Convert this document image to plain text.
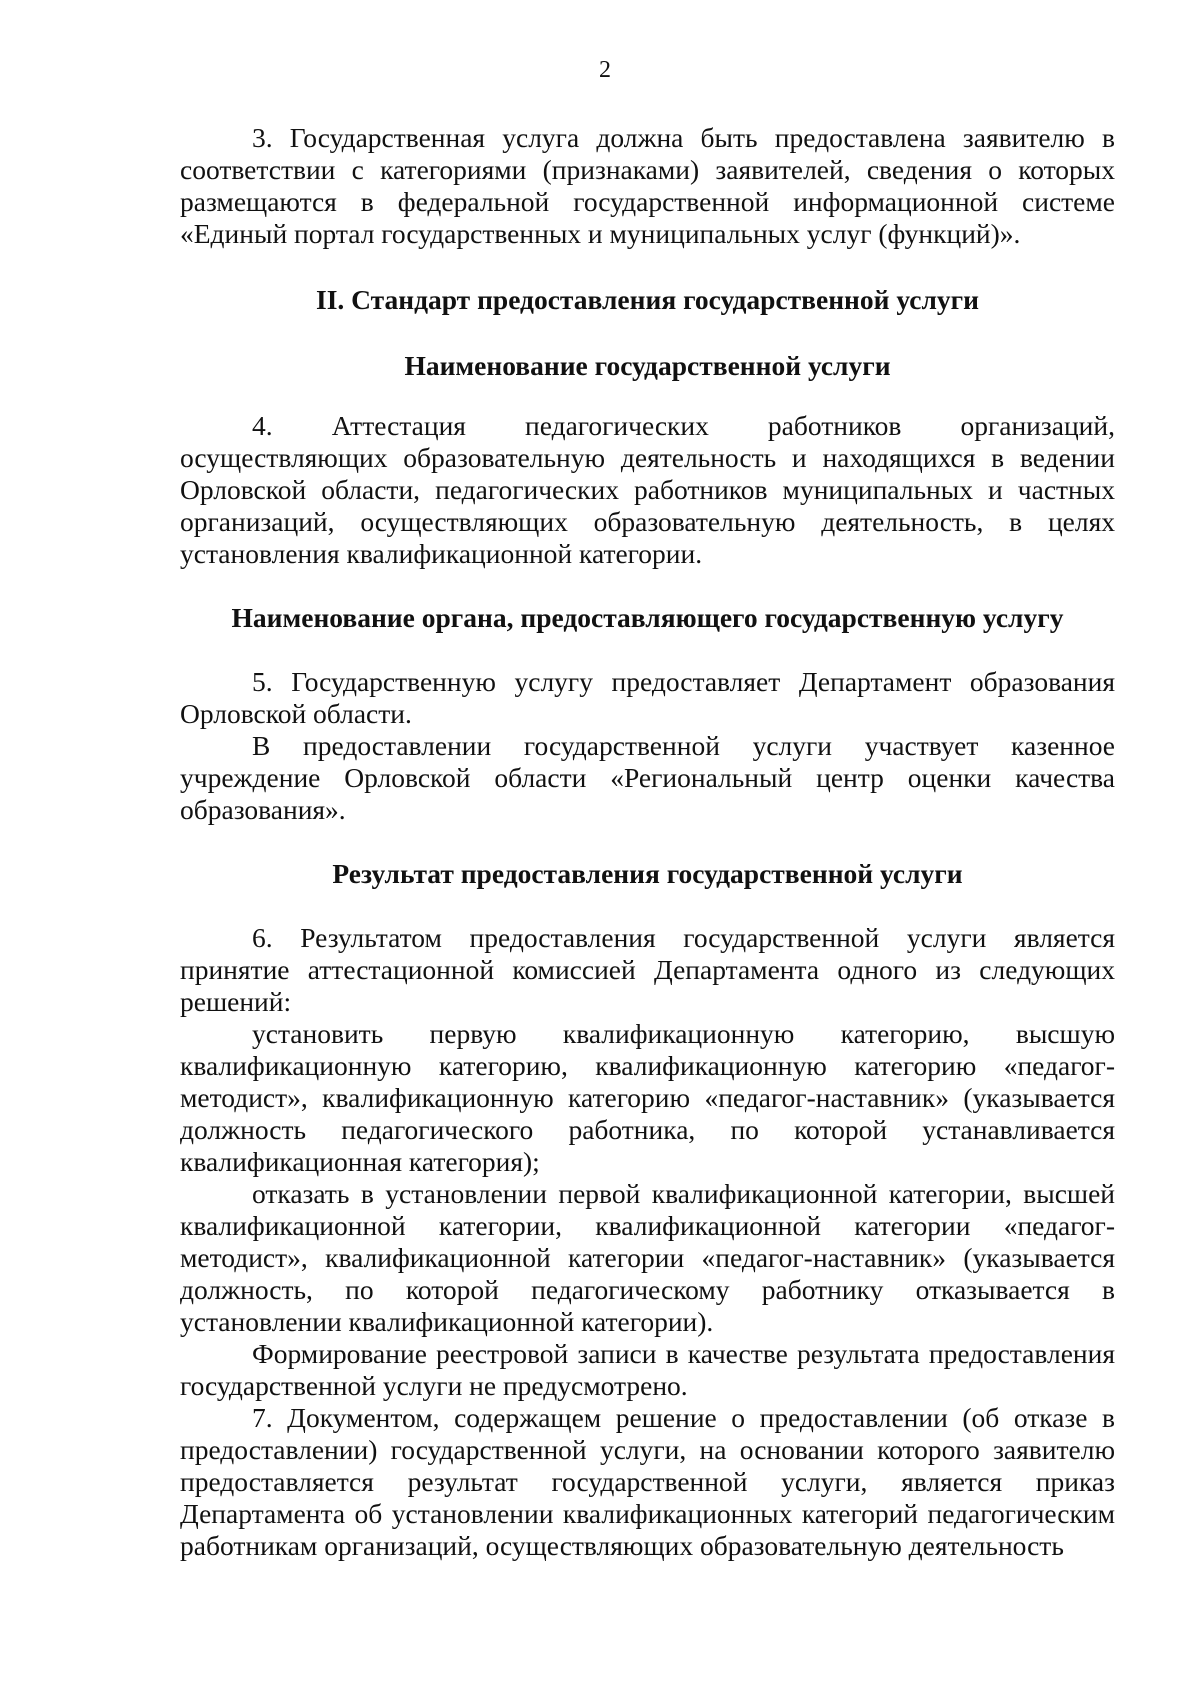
2

3. Государственная услуга должна быть предоставлена заявителю в соответствии с категориями (признаками) заявителей, сведения о которых размещаются в федеральной государственной информационной системе «Единый портал государственных и муниципальных услуг (функций)».

II. Стандарт предоставления государственной услуги

Наименование государственной услуги

4. Аттестация педагогических работников организаций, осуществляющих образовательную деятельность и находящихся в ведении Орловской области, педагогических работников муниципальных и частных организаций, осуществляющих образовательную деятельность, в целях установления квалификационной категории.

Наименование органа, предоставляющего государственную услугу

5. Государственную услугу предоставляет Департамент образования Орловской области.

В предоставлении государственной услуги участвует казенное учреждение Орловской области «Региональный центр оценки качества образования».

Результат предоставления государственной услуги

6. Результатом предоставления государственной услуги является принятие аттестационной комиссией Департамента одного из следующих решений:

установить первую квалификационную категорию, высшую квалификационную категорию, квалификационную категорию «педагог-методист», квалификационную категорию «педагог-наставник» (указывается должность педагогического работника, по которой устанавливается квалификационная категория);

отказать в установлении первой квалификационной категории, высшей квалификационной категории, квалификационной категории «педагог-методист», квалификационной категории «педагог-наставник» (указывается должность, по которой педагогическому работнику отказывается в установлении квалификационной категории).

Формирование реестровой записи в качестве результата предоставления государственной услуги не предусмотрено.

7. Документом, содержащем решение о предоставлении (об отказе в предоставлении) государственной услуги, на основании которого заявителю предоставляется результат государственной услуги, является приказ Департамента об установлении квалификационных категорий педагогическим работникам организаций, осуществляющих образовательную деятельность
